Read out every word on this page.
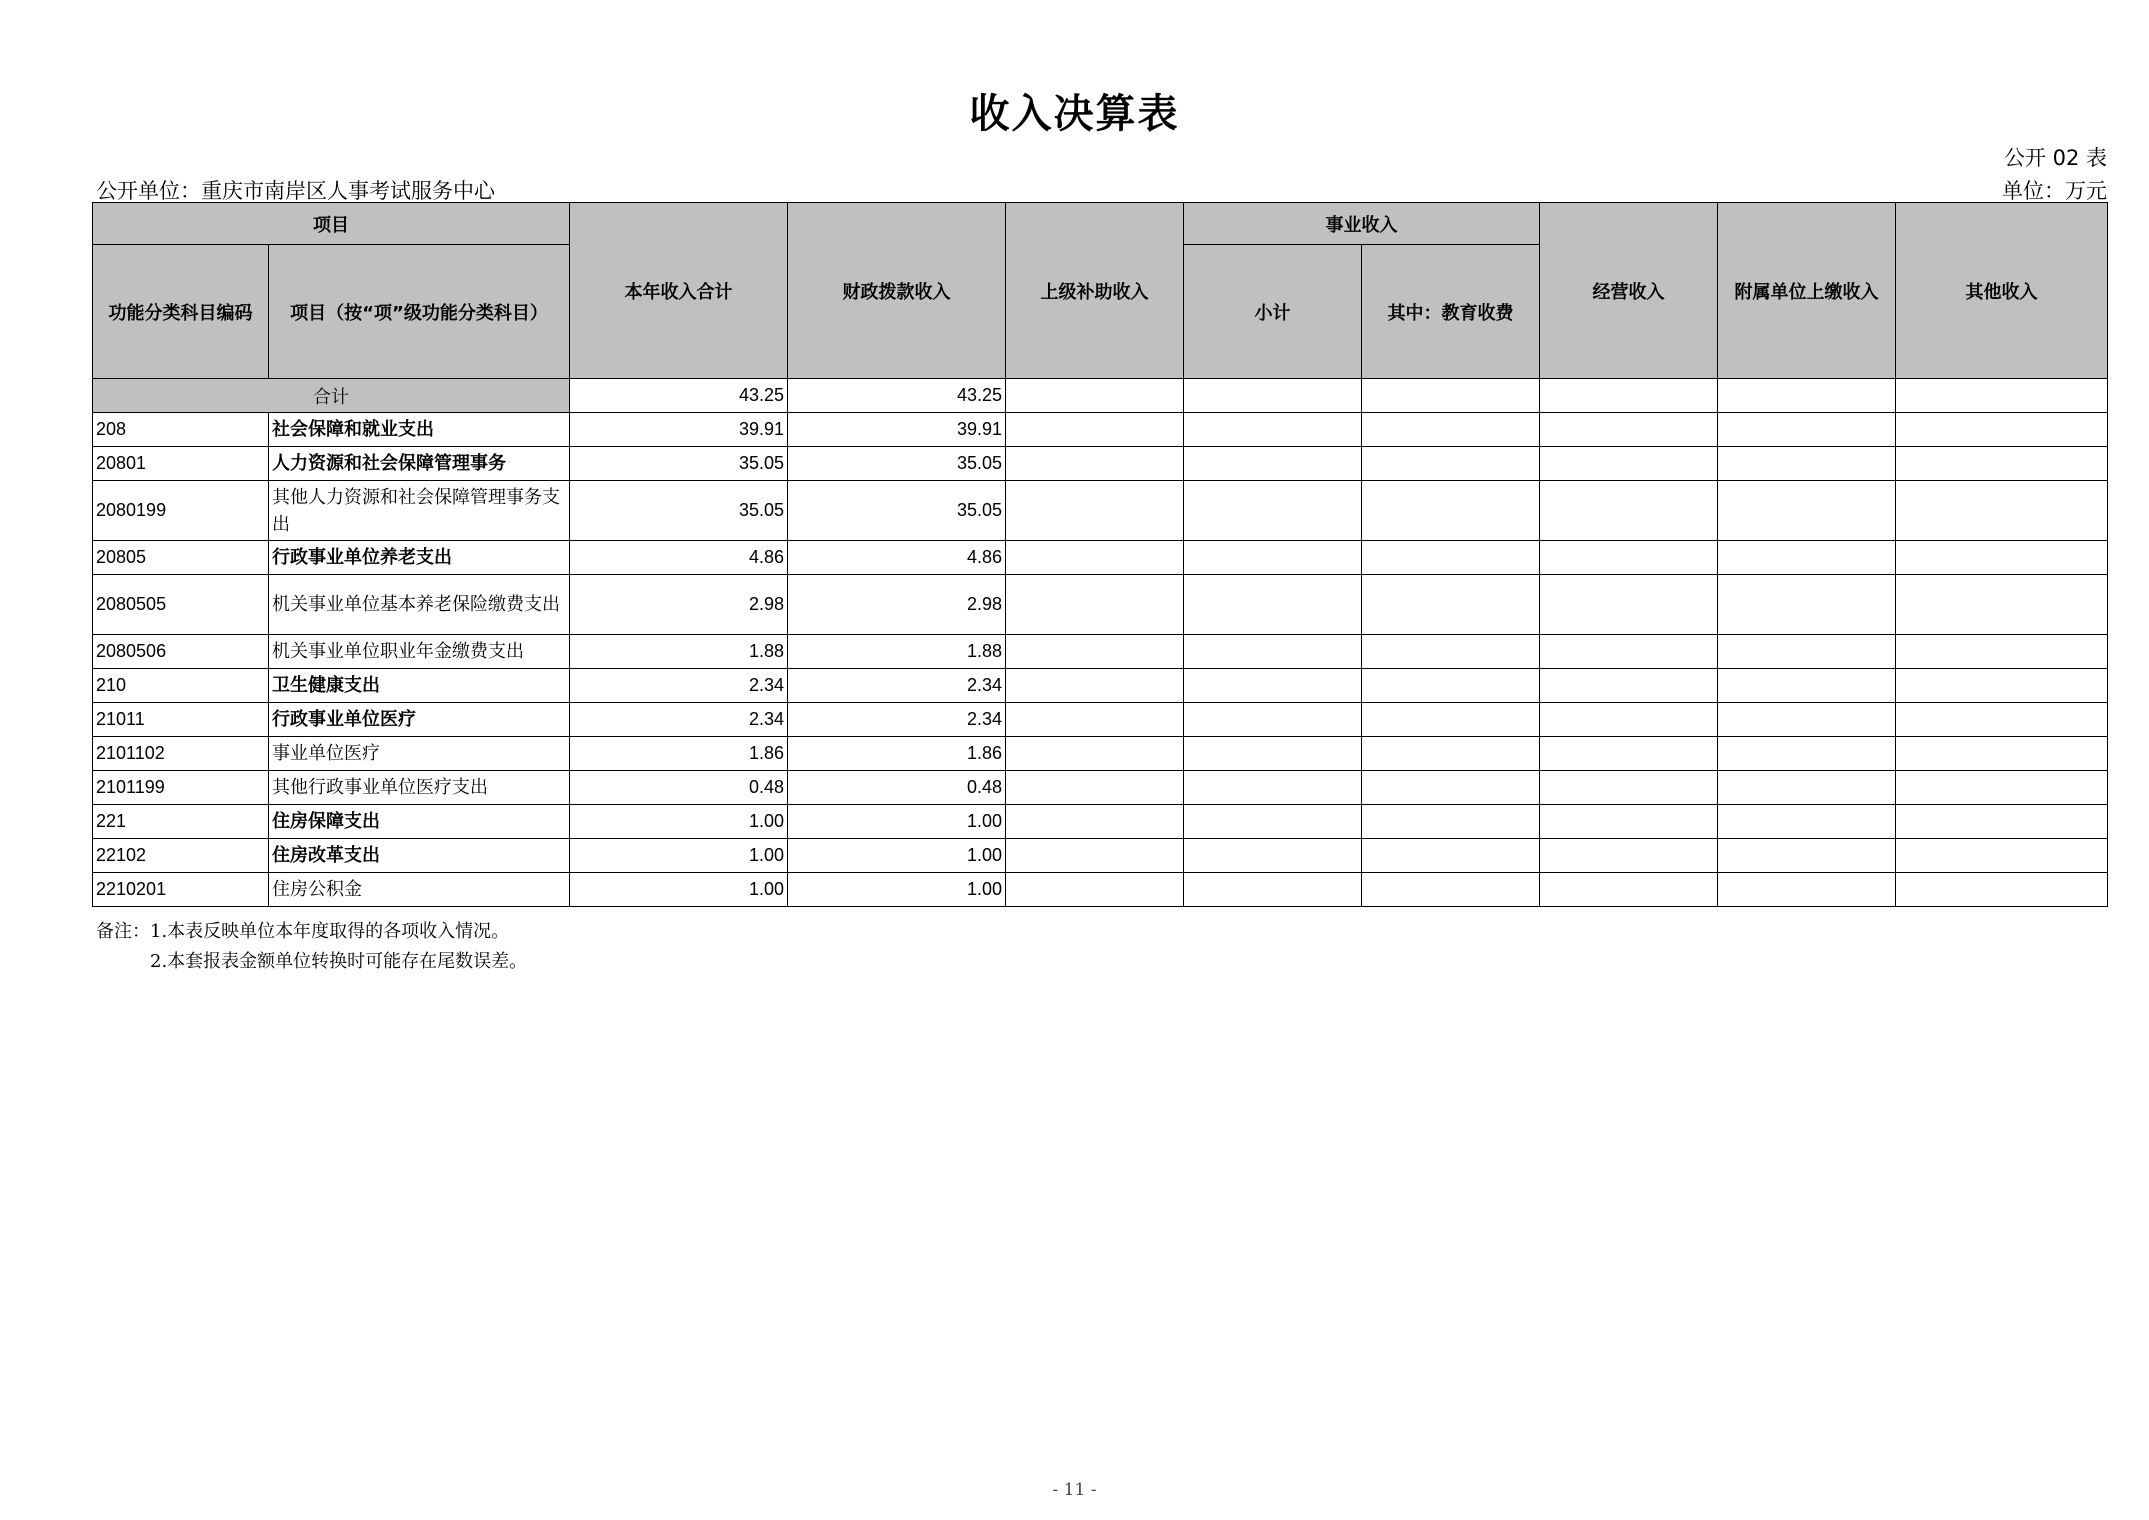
收入决算表
公开 02 表
公开单位：重庆市南岸区人事考试服务中心	单位：万元
项目		本年收入合计	财政拨款收入	上级补助收入	事业收入		经营收入	附属单位上缴收入	其他收入
功能分类科目编码	项目（按“项”级功能分类科目）				小计	其中：教育收费			
合计		43.25	43.25						
208	社会保障和就业支出	39.91	39.91						
20801	人力资源和社会保障管理事务	35.05	35.05						
2080199	其他人力资源和社会保障管理事务支出	35.05	35.05						
20805	行政事业单位养老支出	4.86	4.86						
2080505	机关事业单位基本养老保险缴费支出	2.98	2.98						
2080506	机关事业单位职业年金缴费支出	1.88	1.88						
210	卫生健康支出	2.34	2.34						
21011	行政事业单位医疗	2.34	2.34						
2101102	事业单位医疗	1.86	1.86						
2101199	其他行政事业单位医疗支出	0.48	0.48						
221	住房保障支出	1.00	1.00						
22102	住房改革支出	1.00	1.00						
2210201	住房公积金	1.00	1.00						
备注：1.本表反映单位本年度取得的各项收入情况。
2.本套报表金额单位转换时可能存在尾数误差。
- 11 -
